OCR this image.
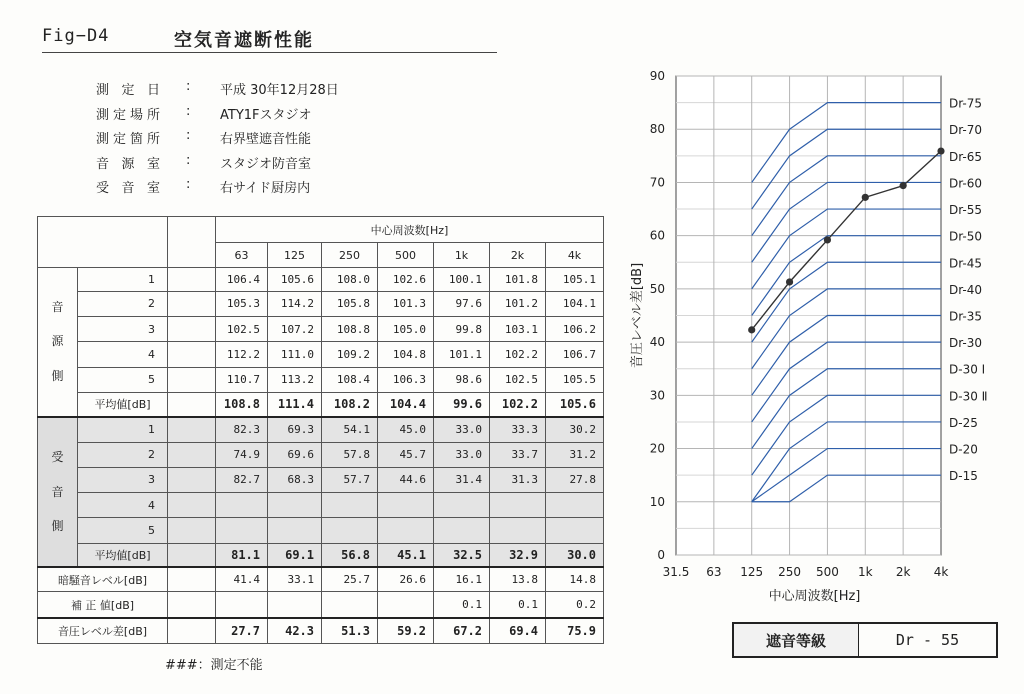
Fig−D4	空気音遮断性能
測 定 日 : 平成 30年12月28日
測定場所 : ATY1Fスタジオ
測定箇所 : 右界壁遮音性能
音 源 室 : スタジオ防音室
受 音 室 : 右サイド厨房内
			中心周波数[Hz]						
			63	125	250	500	1k	2k	4k

音
源
側	1		106.4	105.6	108.0	102.6	100.1	101.8	105.1
	2		105.3	114.2	105.8	101.3	97.6	101.2	104.1
	3		102.5	107.2	108.8	105.0	99.8	103.1	106.2
	4		112.2	111.0	109.2	104.8	101.1	102.2	106.7
	5		110.7	113.2	108.4	106.3	98.6	102.5	105.5
	平均値[dB]		108.8	111.4	108.2	104.4	99.6	102.2	105.6

受
音
側	1		82.3	69.3	54.1	45.0	33.0	33.3	30.2
	2		74.9	69.6	57.8	45.7	33.0	33.7	31.2
	3		82.7	68.3	57.7	44.6	31.4	31.3	27.8
	4								
	5								
	平均値[dB]		81.1	69.1	56.8	45.1	32.5	32.9	30.0
暗騒音レベル[dB]			41.4	33.1	25.7	26.6	16.1	13.8	14.8
補 正 値[dB]							0.1	0.1	0.2
音圧レベル差[dB]			27.7	42.3	51.3	59.2	67.2	69.4	75.9
###：測定不能
0
10
20
30
40
50
60
70
80
90
31.5 63 125 250 500 1k 2k 4k
中心周波数[Hz]
音圧レベル差[dB]
Dr-75
Dr-70
Dr-65
Dr-60
Dr-55
Dr-50
Dr-45
Dr-40
Dr-35
Dr-30
D-30 Ⅰ
D-30 Ⅱ
D-25
D-20
D-15
遮音等級	Dr - 55
